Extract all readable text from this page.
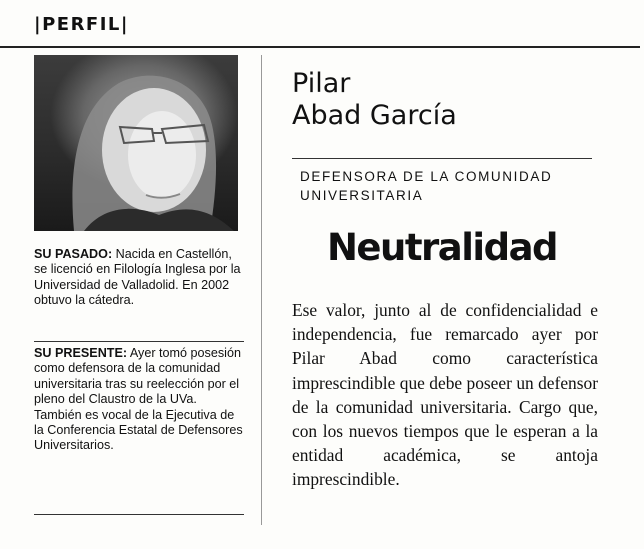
|PERFIL|
SU PASADO: Nacida en Castellón, se licenció en Filología Inglesa por la Universidad de Valladolid. En 2002 obtuvo la cátedra.
SU PRESENTE: Ayer tomó posesión como defensora de la comunidad universitaria tras su reelección por el pleno del Claustro de la UVa. También es vocal de la Ejecutiva de la Conferencia Estatal de Defensores Universitarios.
Pilar
Abad García
DEFENSORA DE LA COMUNIDAD
UNIVERSITARIA
Neutralidad
Ese valor, junto al de confidencialidad e independencia, fue remarcado ayer por Pilar Abad como característica imprescindible que debe poseer un defensor de la comunidad universitaria. Cargo que, con los nuevos tiempos que le esperan a la entidad académica, se antoja imprescindible.
